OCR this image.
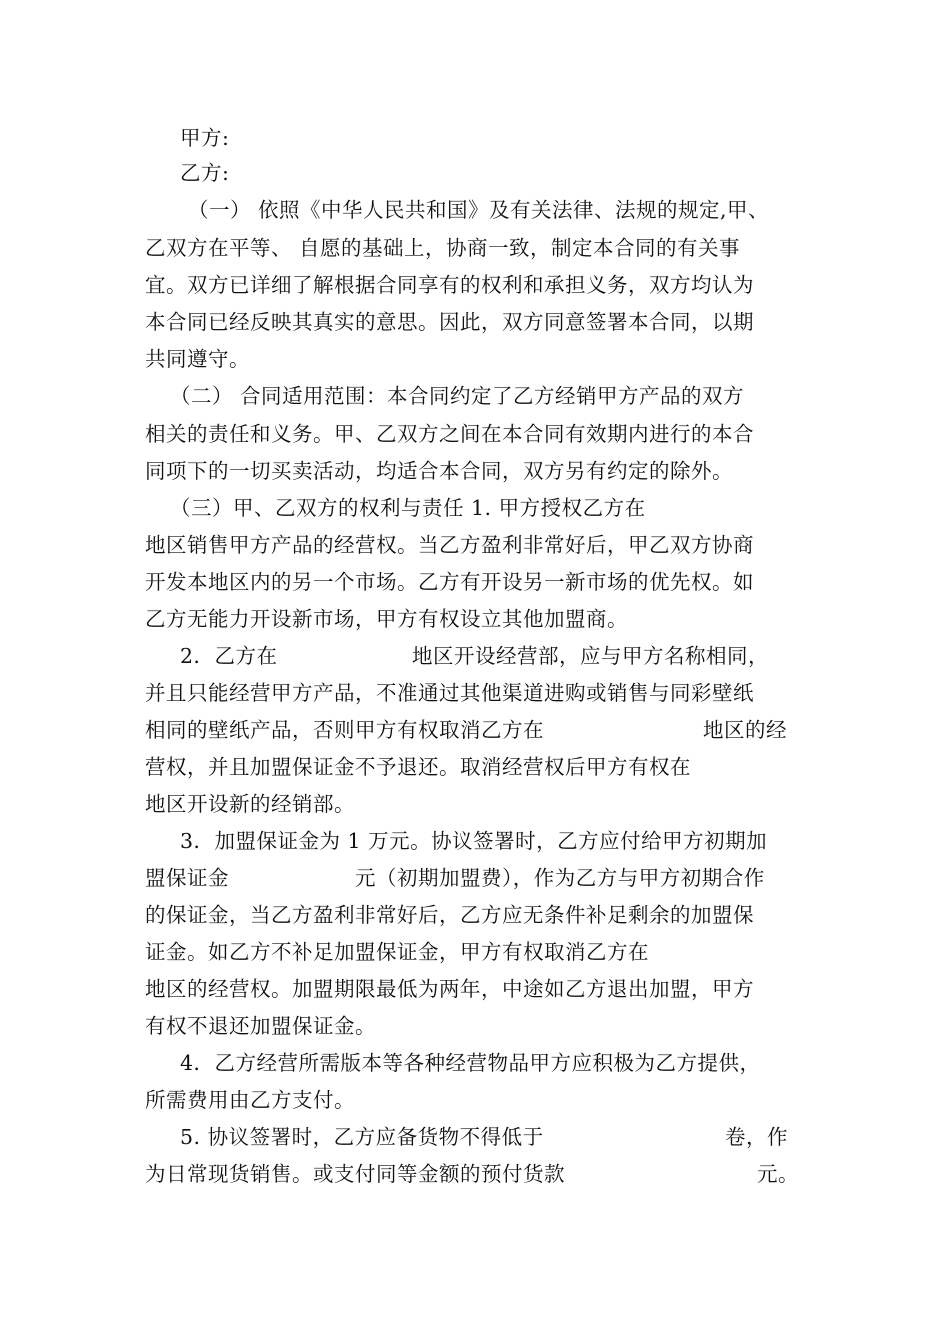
甲方:
乙方:
（一） 依照《中华人民共和国》及有关法律、法规的规定,甲、
乙双方在平等、 自愿的基础上，协商一致，制定本合同的有关事
宜。双方已详细了解根据合同享有的权利和承担义务，双方均认为
本合同已经反映其真实的意思。因此，双方同意签署本合同，以期
共同遵守。
（二） 合同适用范围：本合同约定了乙方经销甲方产品的双方
相关的责任和义务。甲、乙双方之间在本合同有效期内进行的本合
同项下的一切买卖活动，均适合本合同，双方另有约定的除外。
（三）甲、乙双方的权利与责任 1. 甲方授权乙方在
地区销售甲方产品的经营权。当乙方盈利非常好后，甲乙双方协商
开发本地区内的另一个市场。乙方有开设另一新市场的优先权。如
乙方无能力开设新市场，甲方有权设立其他加盟商。
2．乙方在	地区开设经营部，应与甲方名称相同，
并且只能经营甲方产品，不准通过其他渠道进购或销售与同彩壁纸
相同的壁纸产品，否则甲方有权取消乙方在	地区的经
营权，并且加盟保证金不予退还。取消经营权后甲方有权在
地区开设新的经销部。
3．加盟保证金为 1 万元。协议签署时，乙方应付给甲方初期加
盟保证金	元（初期加盟费），作为乙方与甲方初期合作
的保证金，当乙方盈利非常好后，乙方应无条件补足剩余的加盟保
证金。如乙方不补足加盟保证金，甲方有权取消乙方在
地区的经营权。加盟期限最低为两年，中途如乙方退出加盟，甲方
有权不退还加盟保证金。
4．乙方经营所需版本等各种经营物品甲方应积极为乙方提供，
所需费用由乙方支付。
5. 协议签署时，乙方应备货物不得低于	卷，作
为日常现货销售。或支付同等金额的预付货款	元。
